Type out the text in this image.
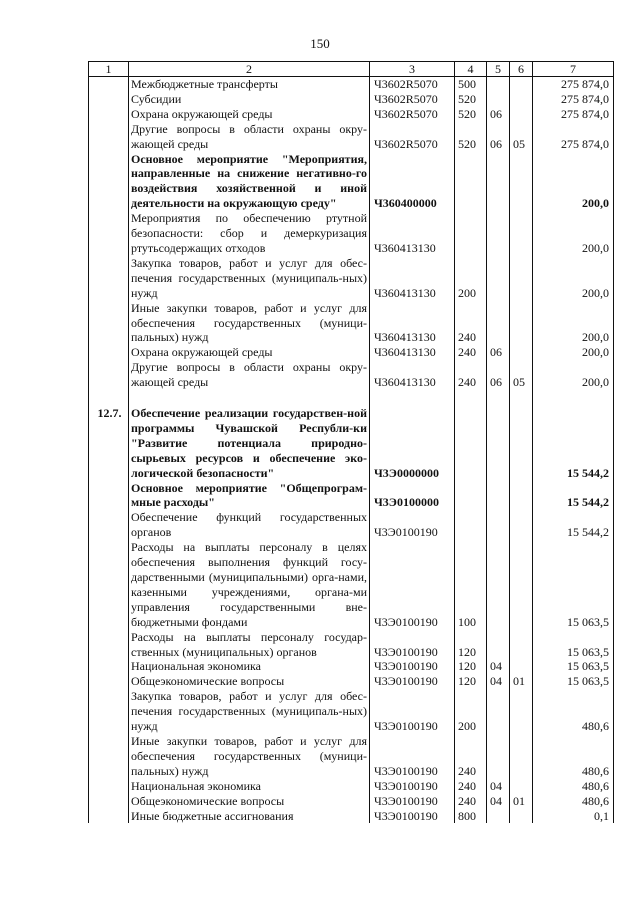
150
1	2	3	4	5	6	7
	Межбюджетные трансферты	Ч3602R5070	500			275 874,0
	Субсидии	Ч3602R5070	520			275 874,0
	Охрана окружающей среды	Ч3602R5070	520	06		275 874,0
	Другие вопросы в области охраны окру-жающей среды	Ч3602R5070	520	06	05	275 874,0
	Основное мероприятие "Мероприятия, направленные на снижение негативно-го воздействия хозяйственной и иной деятельности на окружающую среду"	Ч360400000				200,0
	Мероприятия по обеспечению ртутной безопасности: сбор и демеркуризация ртутьсодержащих отходов	Ч360413130				200,0
	Закупка товаров, работ и услуг для обес-печения государственных (муниципаль-ных) нужд	Ч360413130	200			200,0
	Иные закупки товаров, работ и услуг для обеспечения государственных (муници-пальных) нужд	Ч360413130	240			200,0
	Охрана окружающей среды	Ч360413130	240	06		200,0
	Другие вопросы в области охраны окру-жающей среды	Ч360413130	240	06	05	200,0

12.7.	Обеспечение реализации государствен-ной программы Чувашской Республи-ки "Развитие потенциала природно-сырьевых ресурсов и обеспечение эко-логической безопасности"	Ч3Э0000000				15 544,2
	Основное мероприятие "Общепрограм-мные расходы"	Ч3Э0100000				15 544,2
	Обеспечение функций государственных органов	Ч3Э0100190				15 544,2
	Расходы на выплаты персоналу в целях обеспечения выполнения функций госу-дарственными (муниципальными) орга-нами, казенными учреждениями, органа-ми управления государственными вне-бюджетными фондами	Ч3Э0100190	100			15 063,5
	Расходы на выплаты персоналу государ-ственных (муниципальных) органов	Ч3Э0100190	120			15 063,5
	Национальная экономика	Ч3Э0100190	120	04		15 063,5
	Общеэкономические вопросы	Ч3Э0100190	120	04	01	15 063,5
	Закупка товаров, работ и услуг для обес-печения государственных (муниципаль-ных) нужд	Ч3Э0100190	200			480,6
	Иные закупки товаров, работ и услуг для обеспечения государственных (муници-пальных) нужд	Ч3Э0100190	240			480,6
	Национальная экономика	Ч3Э0100190	240	04		480,6
	Общеэкономические вопросы	Ч3Э0100190	240	04	01	480,6
	Иные бюджетные ассигнования	Ч3Э0100190	800			0,1
